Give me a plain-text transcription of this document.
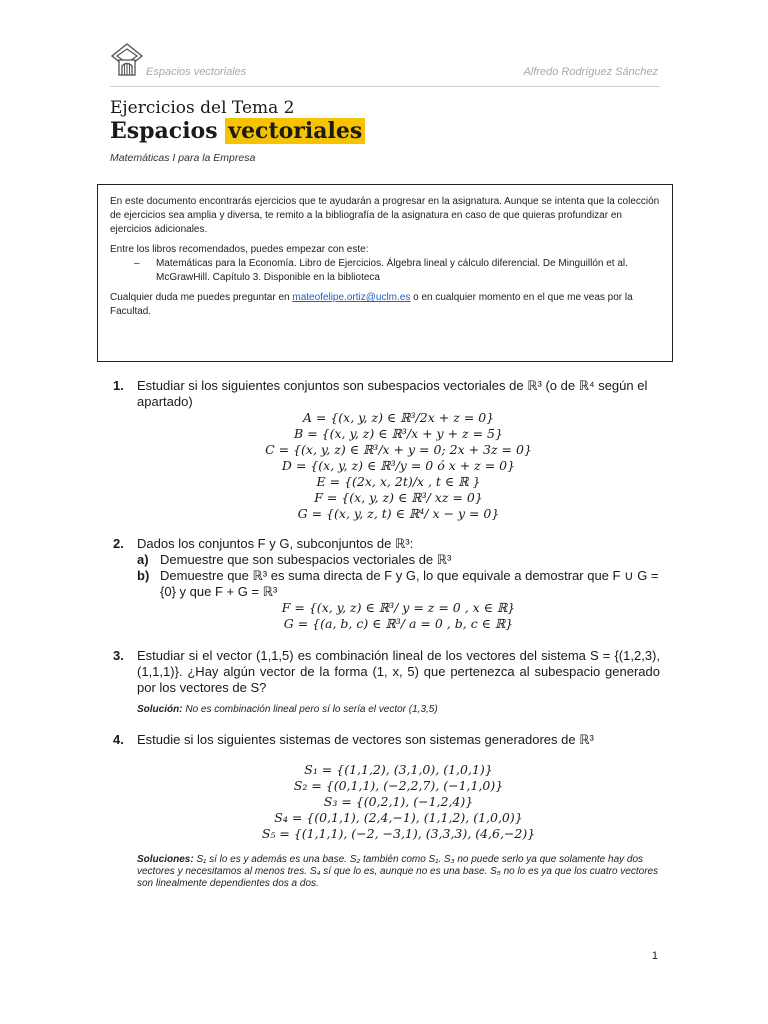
Espacios vectoriales	Alfredo Rodríguez Sánchez
Ejercicios del Tema 2
Espacios vectoriales
Matemáticas I para la Empresa

En este documento encontrarás ejercicios que te ayudarán a progresar en la asignatura. Aunque se intenta que la colección de ejercicios sea amplia y diversa, te remito a la bibliografía de la asignatura en caso de que quieras profundizar en ejercicios adicionales.

Entre los libros recomendados, puedes empezar con este:

– Matemáticas para la Economía. Libro de Ejercicios. Álgebra lineal y cálculo diferencial. De Minguillón et al. McGrawHill. Capítulo 3. Disponible en la biblioteca

Cualquier duda me puedes preguntar en mateofelipe.ortiz@uclm.es o en cualquier momento en el que me veas por la Facultad.

1. Estudiar si los siguientes conjuntos son subespacios vectoriales de ℝ³ (o de ℝ⁴ según el apartado)
A = {(x, y, z) ∈ ℝ³/2x + z = 0}
B = {(x, y, z) ∈ ℝ³/x + y + z = 5}
C = {(x, y, z) ∈ ℝ³/x + y = 0; 2x + 3z = 0}
D = {(x, y, z) ∈ ℝ³/y = 0 ó x + z = 0}
E = {(2x, x, 2t)/x , t ∈ ℝ }
F = {(x, y, z) ∈ ℝ³/ xz = 0}
G = {(x, y, z, t) ∈ ℝ⁴/ x − y = 0}
2. Dados los conjuntos F y G, subconjuntos de ℝ³:
a) Demuestre que son subespacios vectoriales de ℝ³
b) Demuestre que ℝ³ es suma directa de F y G, lo que equivale a demostrar que F ∪ G = {0} y que F + G = ℝ³
F = {(x, y, z) ∈ ℝ³/ y = z = 0 , x ∈ ℝ}
G = {(a, b, c) ∈ ℝ³/ a = 0 , b, c ∈ ℝ}
3. Estudiar si el vector (1,1,5) es combinación lineal de los vectores del sistema S = {(1,2,3), (1,1,1)}. ¿Hay algún vector de la forma (1, x, 5) que pertenezca al subespacio generado por los vectores de S?
Solución: No es combinación lineal pero sí lo sería el vector (1,3,5)
4. Estudie si los siguientes sistemas de vectores son sistemas generadores de ℝ³
S₁ = {(1,1,2), (3,1,0), (1,0,1)}
S₂ = {(0,1,1), (−2,2,7), (−1,1,0)}
S₃ = {(0,2,1), (−1,2,4)}
S₄ = {(0,1,1), (2,4,−1), (1,1,2), (1,0,0)}
S₅ = {(1,1,1), (−2, −3,1), (3,3,3), (4,6,−2)}
Soluciones: S₁ sí lo es y además es una base. S₂ también como S₁. S₃ no puede serlo ya que solamente hay dos vectores y necesitamos al menos tres. S₄ sí que lo es, aunque no es una base. S₅ no lo es ya que los cuatro vectores son linealmente dependientes dos a dos.
1
